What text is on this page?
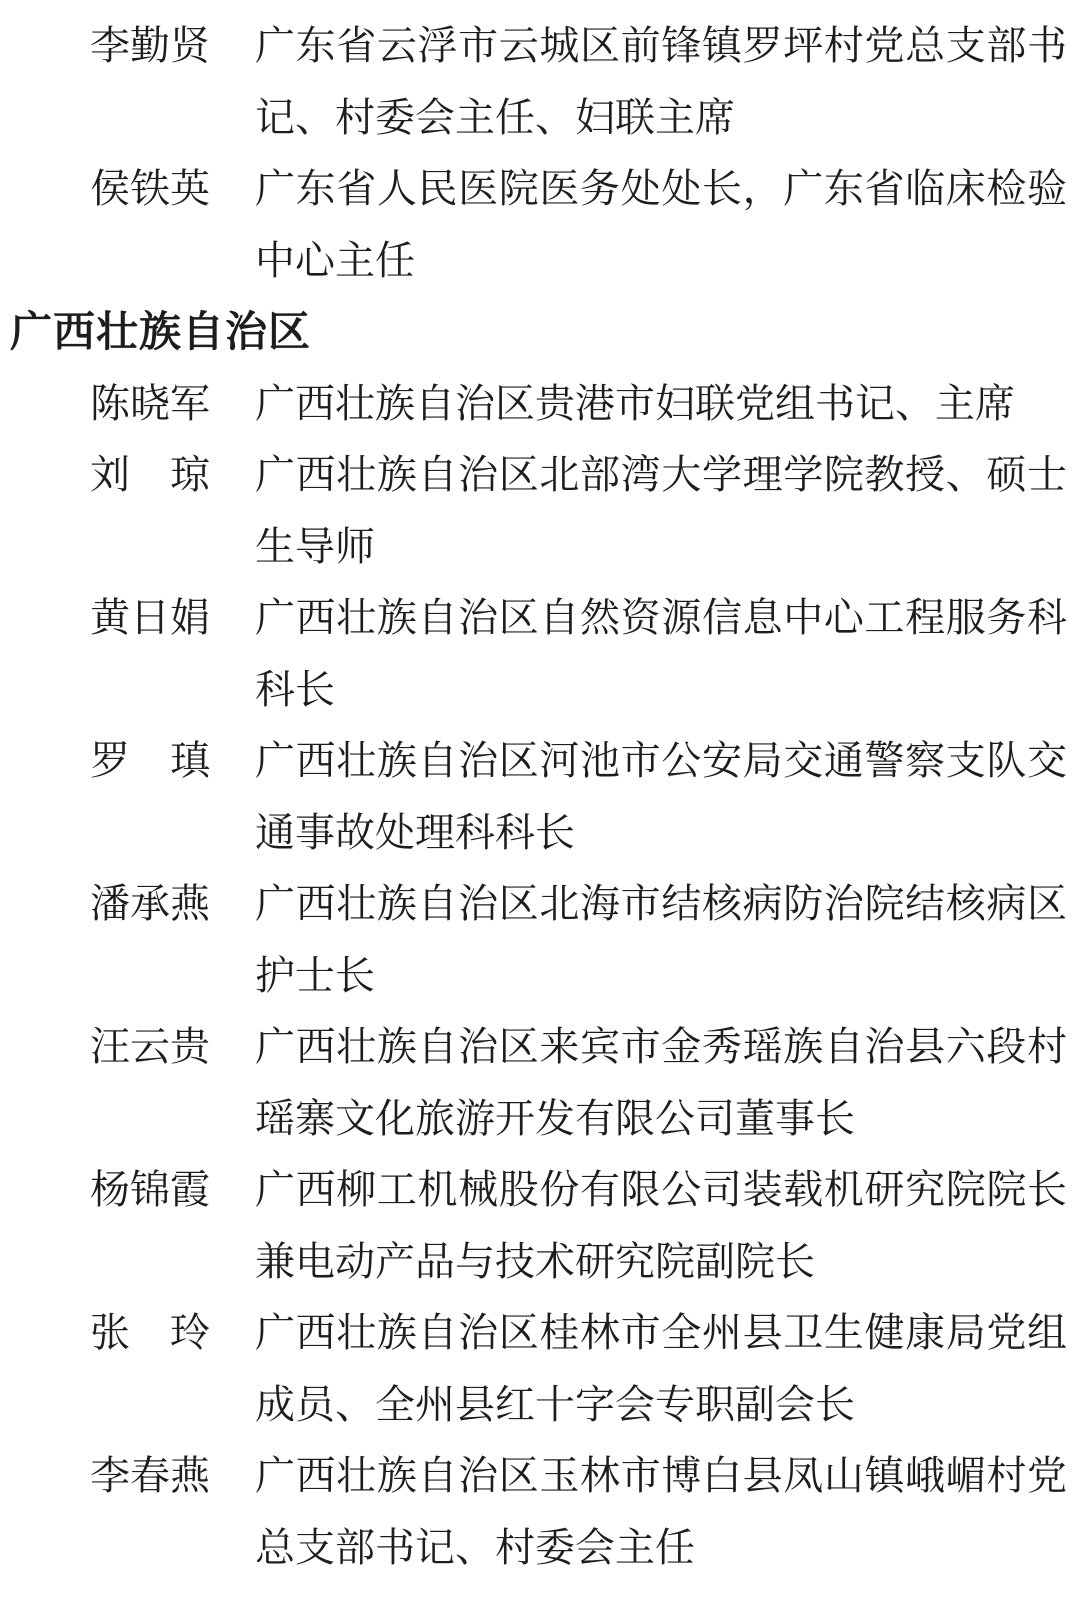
李勤贤 广东省云浮市云城区前锋镇罗坪村党总支部书记、村委会主任、妇联主席
侯铁英 广东省人民医院医务处处长，广东省临床检验中心主任
广西壮族自治区
陈晓军 广西壮族自治区贵港市妇联党组书记、主席
刘　琼 广西壮族自治区北部湾大学理学院教授、硕士生导师
黄日娟 广西壮族自治区自然资源信息中心工程服务科科长
罗　瑱 广西壮族自治区河池市公安局交通警察支队交通事故处理科科长
潘承燕 广西壮族自治区北海市结核病防治院结核病区护士长
汪云贵 广西壮族自治区来宾市金秀瑶族自治县六段村瑶寨文化旅游开发有限公司董事长
杨锦霞 广西柳工机械股份有限公司装载机研究院院长兼电动产品与技术研究院副院长
张　玲 广西壮族自治区桂林市全州县卫生健康局党组成员、全州县红十字会专职副会长
李春燕 广西壮族自治区玉林市博白县凤山镇峨嵋村党总支部书记、村委会主任
